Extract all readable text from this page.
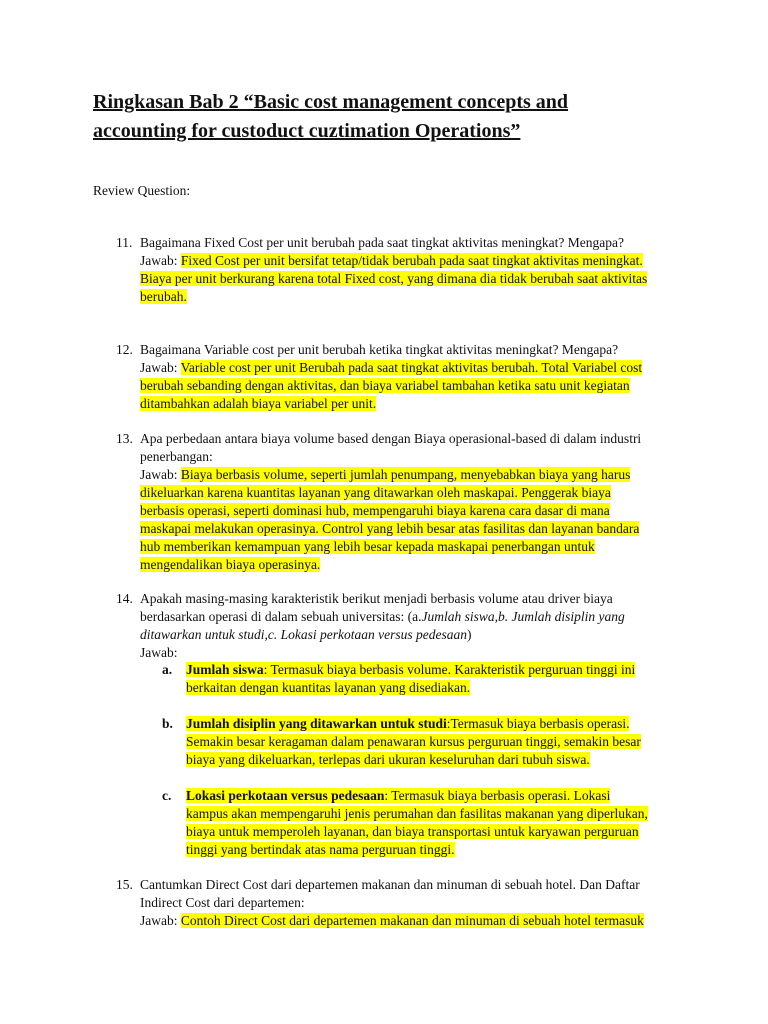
Ringkasan Bab 2 “Basic cost management concepts and
accounting for custoduct cuztimation Operations”

Review Question:

11. Bagaimana Fixed Cost per unit berubah pada saat tingkat aktivitas meningkat? Mengapa?
Jawab: Fixed Cost per unit bersifat tetap/tidak berubah pada saat tingkat aktivitas meningkat.
Biaya per unit berkurang karena total Fixed cost, yang dimana dia tidak berubah saat aktivitas
berubah.
12. Bagaimana Variable cost per unit berubah ketika tingkat aktivitas meningkat? Mengapa?
Jawab: Variable cost per unit Berubah pada saat tingkat aktivitas berubah. Total Variabel cost
berubah sebanding dengan aktivitas, dan biaya variabel tambahan ketika satu unit kegiatan
ditambahkan adalah biaya variabel per unit.
13. Apa perbedaan antara biaya volume based dengan Biaya operasional-based di dalam industri
penerbangan:
Jawab: Biaya berbasis volume, seperti jumlah penumpang, menyebabkan biaya yang harus
dikeluarkan karena kuantitas layanan yang ditawarkan oleh maskapai. Penggerak biaya
berbasis operasi, seperti dominasi hub, mempengaruhi biaya karena cara dasar di mana
maskapai melakukan operasinya. Control yang lebih besar atas fasilitas dan layanan bandara
hub memberikan kemampuan yang lebih besar kepada maskapai penerbangan untuk
mengendalikan biaya operasinya.
14. Apakah masing-masing karakteristik berikut menjadi berbasis volume atau driver biaya
berdasarkan operasi di dalam sebuah universitas: (a.Jumlah siswa,b. Jumlah disiplin yang
ditawarkan untuk studi,c. Lokasi perkotaan versus pedesaan)
Jawab:
a. Jumlah siswa: Termasuk biaya berbasis volume. Karakteristik perguruan tinggi ini
berkaitan dengan kuantitas layanan yang disediakan.
b. Jumlah disiplin yang ditawarkan untuk studi:Termasuk biaya berbasis operasi.
Semakin besar keragaman dalam penawaran kursus perguruan tinggi, semakin besar
biaya yang dikeluarkan, terlepas dari ukuran keseluruhan dari tubuh siswa.
c. Lokasi perkotaan versus pedesaan: Termasuk biaya berbasis operasi. Lokasi
kampus akan mempengaruhi jenis perumahan dan fasilitas makanan yang diperlukan,
biaya untuk memperoleh layanan, dan biaya transportasi untuk karyawan perguruan
tinggi yang bertindak atas nama perguruan tinggi.
15. Cantumkan Direct Cost dari departemen makanan dan minuman di sebuah hotel. Dan Daftar
Indirect Cost dari departemen:
Jawab: Contoh Direct Cost dari departemen makanan dan minuman di sebuah hotel termasuk
